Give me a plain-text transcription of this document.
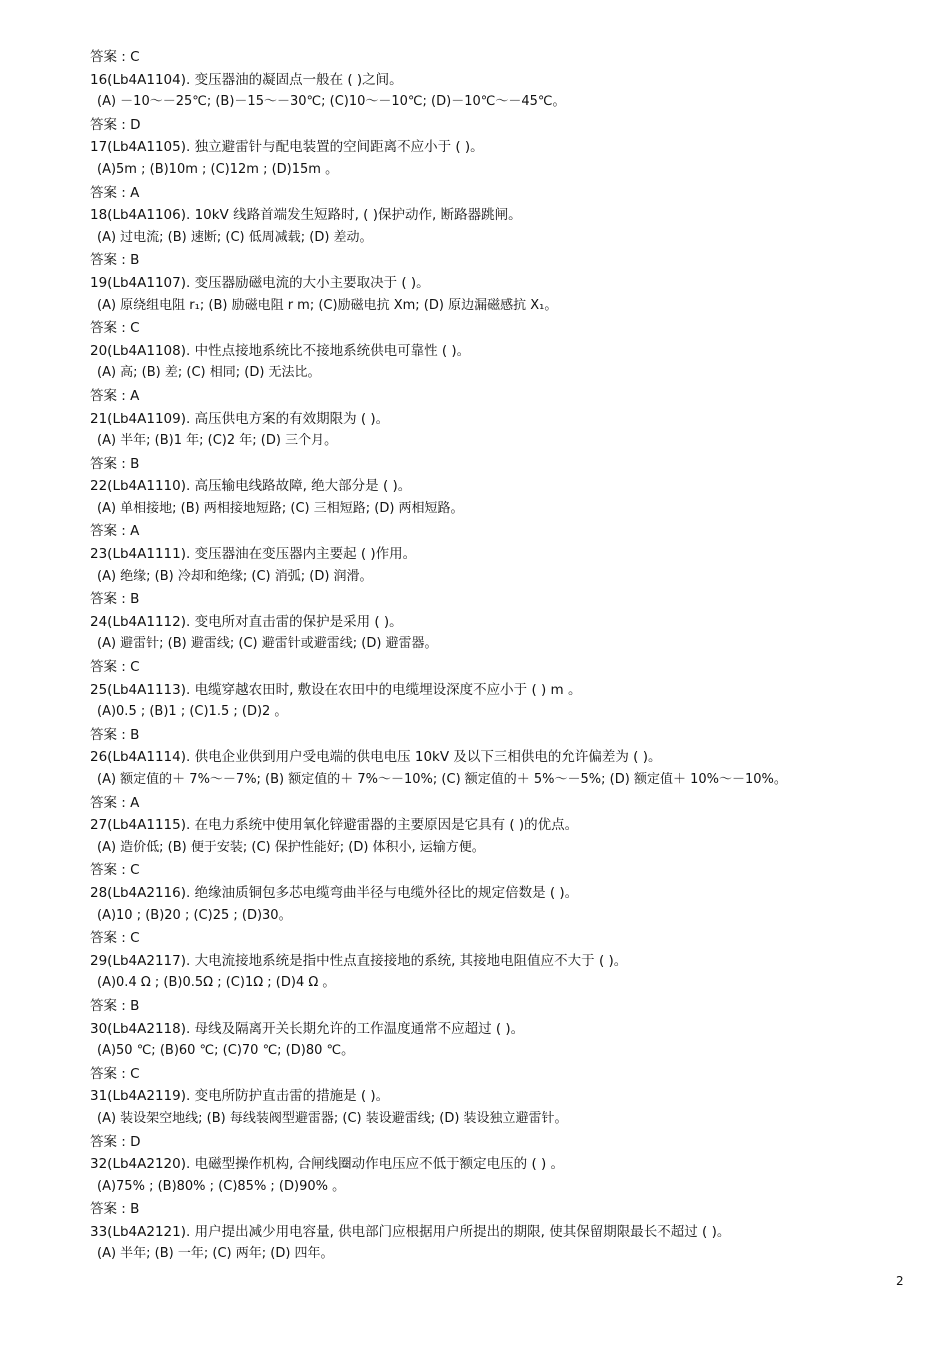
答案 : C
16(Lb4A1104). 变压器油的凝固点一般在 ( )之间。
(A) －10～－25℃; (B)－15～－30℃; (C)10～－10℃; (D)－10℃～－45℃。
答案 : D
17(Lb4A1105). 独立避雷针与配电装置的空间距离不应小于 ( )。
(A)5m ; (B)10m ; (C)12m ; (D)15m 。
答案 : A
18(Lb4A1106). 10kV 线路首端发生短路时, ( )保护动作, 断路器跳闸。
(A) 过电流; (B) 速断; (C) 低周减载; (D) 差动。
答案 : B
19(Lb4A1107). 变压器励磁电流的大小主要取决于 ( )。
(A) 原绕组电阻 r₁; (B) 励磁电阻 r m; (C)励磁电抗 Xm; (D) 原边漏磁感抗 X₁。
答案 : C
20(Lb4A1108). 中性点接地系统比不接地系统供电可靠性 ( )。
(A) 高; (B) 差; (C) 相同; (D) 无法比。
答案 : A
21(Lb4A1109). 高压供电方案的有效期限为 ( )。
(A) 半年; (B)1 年; (C)2 年; (D) 三个月。
答案 : B
22(Lb4A1110). 高压输电线路故障, 绝大部分是 ( )。
(A) 单相接地; (B) 两相接地短路; (C) 三相短路; (D) 两相短路。
答案 : A
23(Lb4A1111). 变压器油在变压器内主要起 ( )作用。
(A) 绝缘; (B) 冷却和绝缘; (C) 消弧; (D) 润滑。
答案 : B
24(Lb4A1112). 变电所对直击雷的保护是采用 ( )。
(A) 避雷针; (B) 避雷线; (C) 避雷针或避雷线; (D) 避雷器。
答案 : C
25(Lb4A1113). 电缆穿越农田时, 敷设在农田中的电缆埋设深度不应小于 ( ) m 。
(A)0.5 ; (B)1 ; (C)1.5 ; (D)2 。
答案 : B
26(Lb4A1114). 供电企业供到用户受电端的供电电压 10kV 及以下三相供电的允许偏差为 ( )。
(A) 额定值的＋ 7%～－7%; (B) 额定值的＋ 7%～－10%; (C) 额定值的＋ 5%～－5%; (D) 额定值＋ 10%～－10%。
答案 : A
27(Lb4A1115). 在电力系统中使用氧化锌避雷器的主要原因是它具有 ( )的优点。
(A) 造价低; (B) 便于安装; (C) 保护性能好; (D) 体积小, 运输方便。
答案 : C
28(Lb4A2116). 绝缘油质铜包多芯电缆弯曲半径与电缆外径比的规定倍数是 ( )。
(A)10 ; (B)20 ; (C)25 ; (D)30。
答案 : C
29(Lb4A2117). 大电流接地系统是指中性点直接接地的系统, 其接地电阻值应不大于 ( )。
(A)0.4 Ω ; (B)0.5Ω ; (C)1Ω ; (D)4 Ω 。
答案 : B
30(Lb4A2118). 母线及隔离开关长期允许的工作温度通常不应超过 ( )。
(A)50 ℃; (B)60 ℃; (C)70 ℃; (D)80 ℃。
答案 : C
31(Lb4A2119). 变电所防护直击雷的措施是 ( )。
(A) 装设架空地线; (B) 每线装阀型避雷器; (C) 装设避雷线; (D) 装设独立避雷针。
答案 : D
32(Lb4A2120). 电磁型操作机构, 合闸线圈动作电压应不低于额定电压的 ( ) 。
(A)75% ; (B)80% ; (C)85% ; (D)90% 。
答案 : B
33(Lb4A2121). 用户提出减少用电容量, 供电部门应根据用户所提出的期限, 使其保留期限最长不超过 ( )。
(A) 半年; (B) 一年; (C) 两年; (D) 四年。
2
